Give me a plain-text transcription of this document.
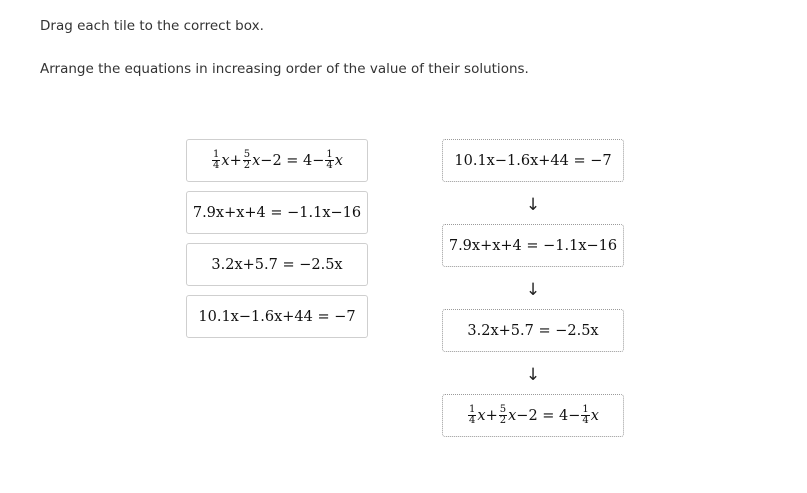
Drag each tile to the correct box.
Arrange the equations in increasing order of the value of their solutions.
$\frac{1}{4}$ $x + \frac{5}{2}$ $x -2 = 4- \frac{1}{4}$ x
7.9x+x+4 = −1.1x−16
3.2x+5.7 = −2.5x
10.1x−1.6x+44 = −7
10.1x−1.6x+44 = −7
↓
7.9x+x+4 = −1.1x−16
↓
3.2x+5.7 = −2.5x
↓
$\frac{1}{4}$ $x + \frac{5}{2}$ $x -2 = 4- \frac{1}{4}$ x
